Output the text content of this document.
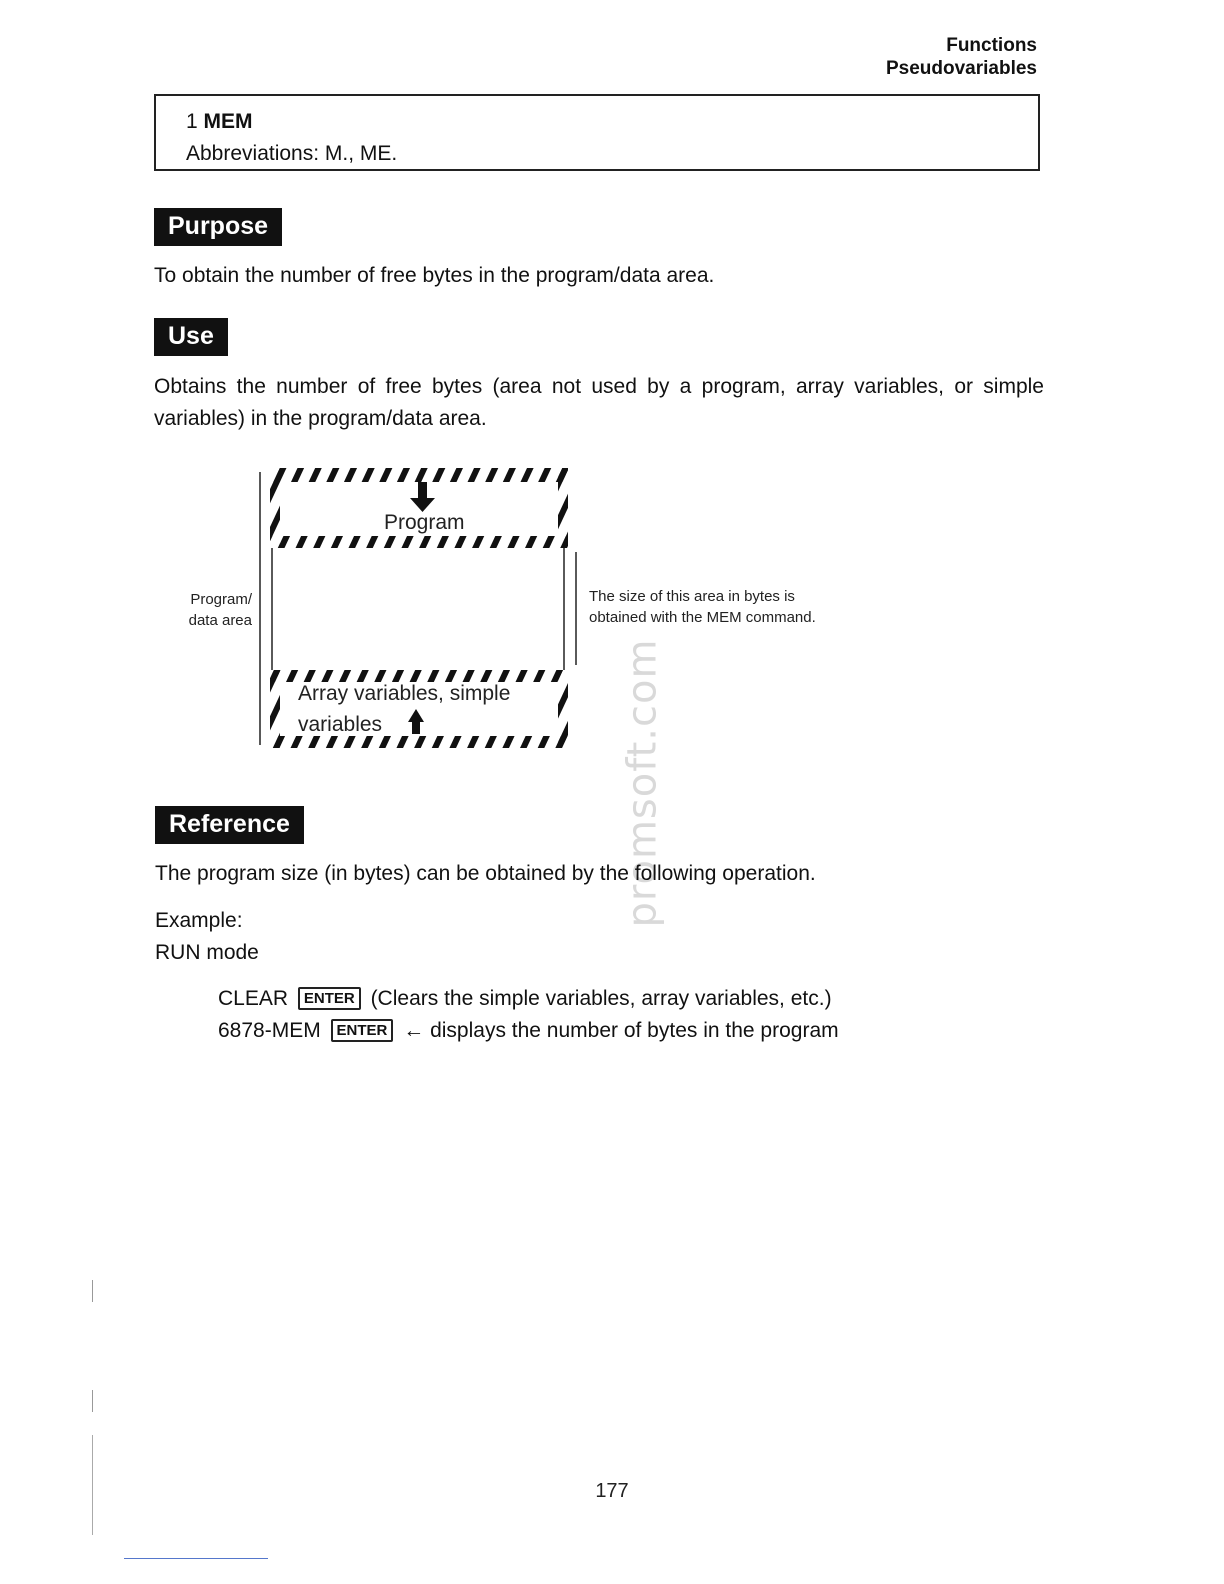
Functions
Pseudovariables
1 MEM
Abbreviations: M., ME.
Purpose
To obtain the number of free bytes in the program/data area.
Use
Obtains the number of free bytes (area not used by a program, array variables, or simple variables) in the program/data area.
Program
Program/
data area
The size of this area in bytes is
obtained with the MEM command.
Array variables, simple
variables	promsoft.com
Reference
The program size (in bytes) can be obtained by the following operation.
Example:
RUN mode
CLEAR ENTER (Clears the simple variables, array variables, etc.)
6878-MEM ENTER ← displays the number of bytes in the program
177
